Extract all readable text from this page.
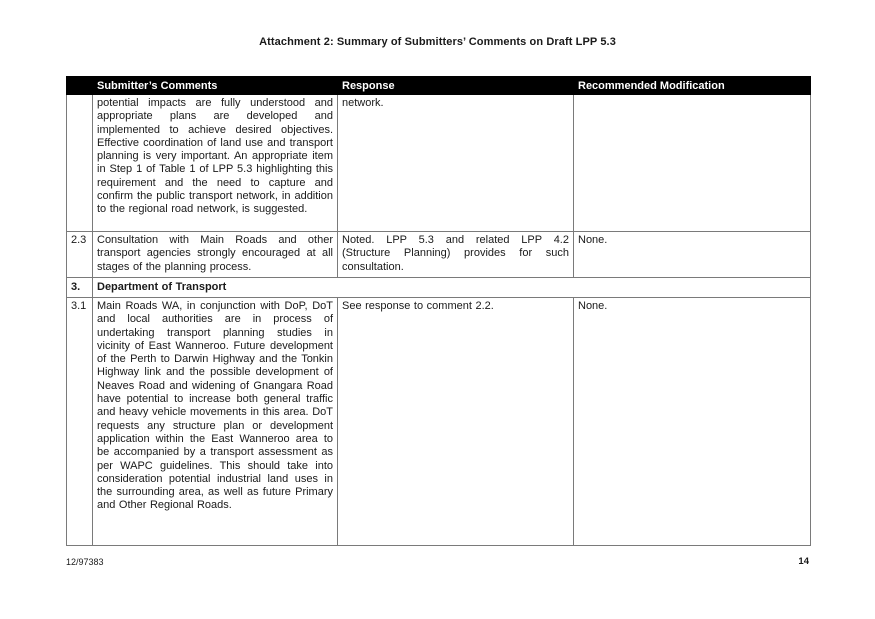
Attachment 2: Summary of Submitters’ Comments on Draft LPP 5.3
	Submitter’s Comments	Response	Recommended Modification
	potential impacts are fully understood and appropriate plans are developed and implemented to achieve desired objectives. Effective coordination of land use and transport planning is very important. An appropriate item in Step 1 of Table 1 of LPP 5.3 highlighting this requirement and the need to capture and confirm the public transport network, in addition to the regional road network, is suggested.	network.	
2.3	Consultation with Main Roads and other transport agencies strongly encouraged at all stages of the planning process.	Noted. LPP 5.3 and related LPP 4.2 (Structure Planning) provides for such consultation.	None.
3.	Department of Transport		
3.1	Main Roads WA, in conjunction with DoP, DoT and local authorities are in process of undertaking transport planning studies in vicinity of East Wanneroo. Future development of the Perth to Darwin Highway and the Tonkin Highway link and the possible development of Neaves Road and widening of Gnangara Road have potential to increase both general traffic and heavy vehicle movements in this area. DoT requests any structure plan or development application within the East Wanneroo area to be accompanied by a transport assessment as per WAPC guidelines. This should take into consideration potential industrial land uses in the surrounding area, as well as future Primary and Other Regional Roads.	See response to comment 2.2.	None.
12/97383	14
